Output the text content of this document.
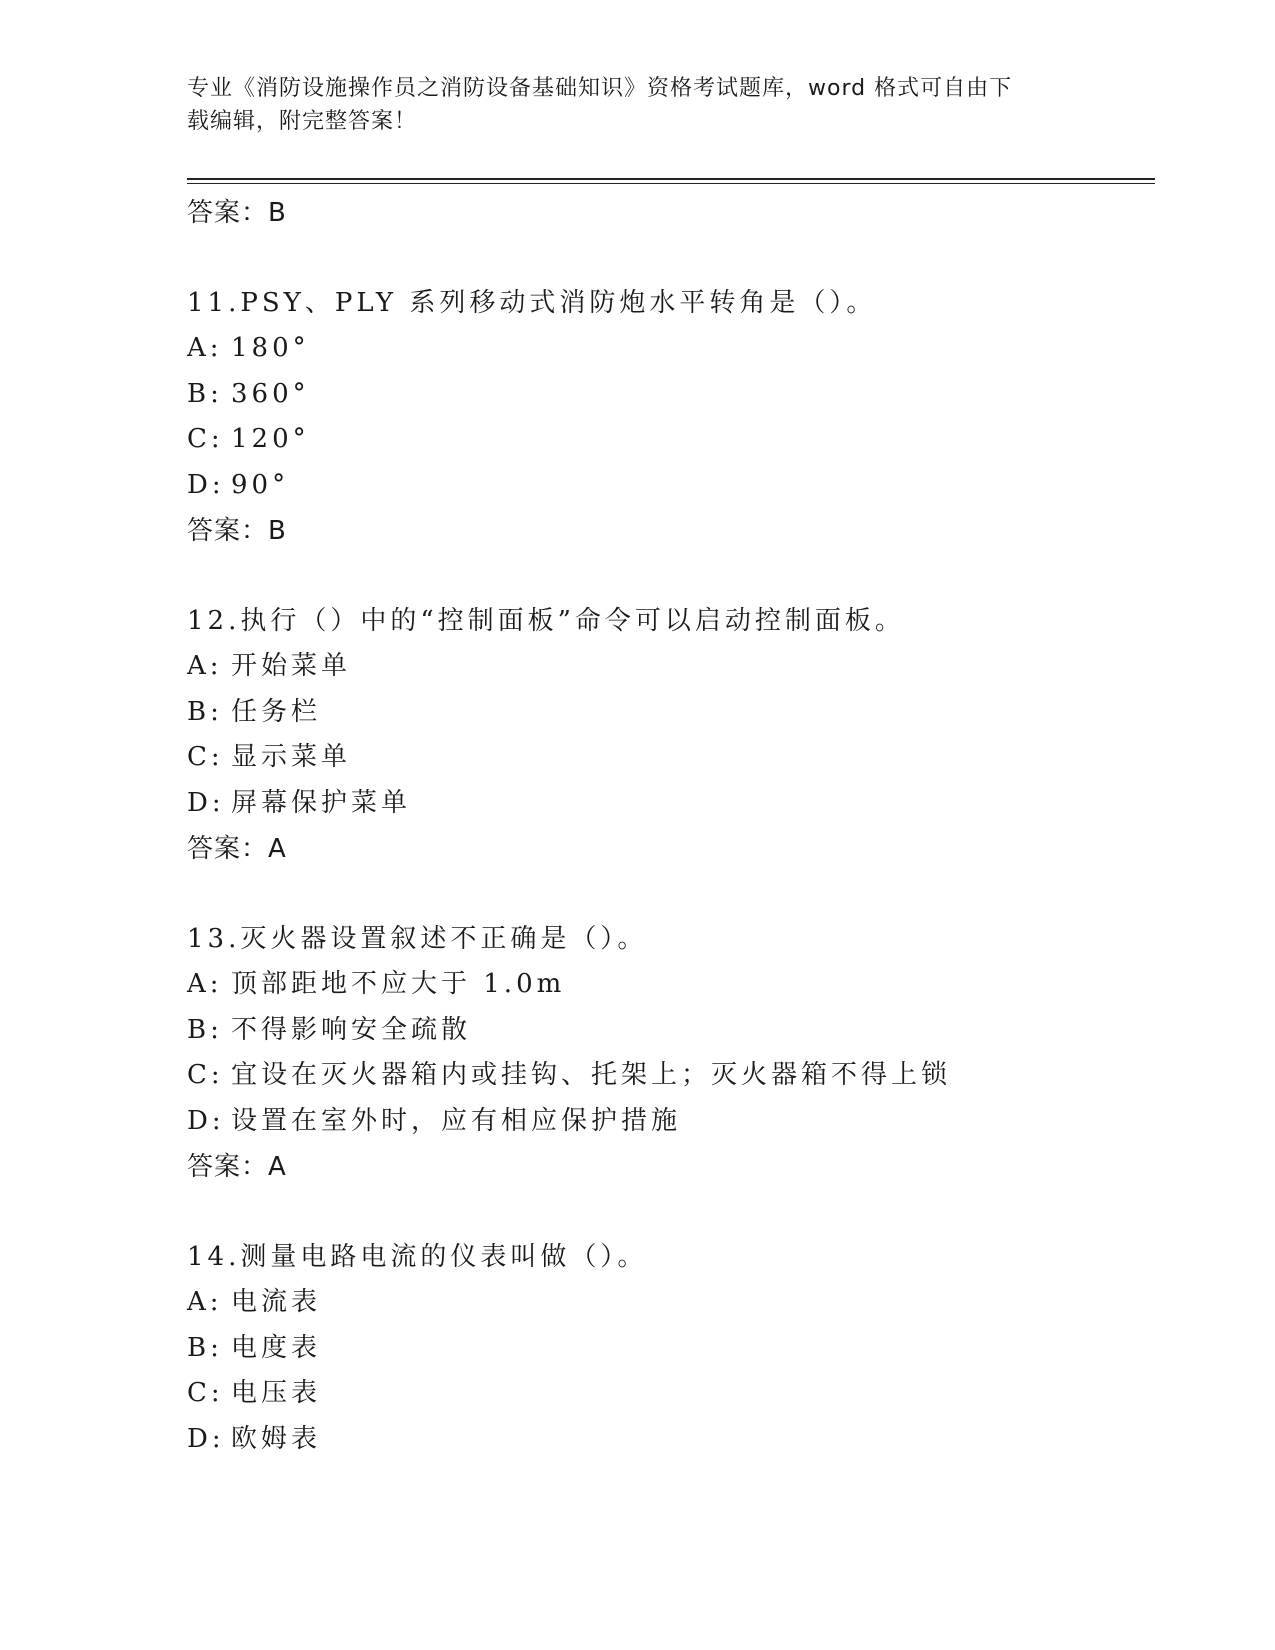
专业《消防设施操作员之消防设备基础知识》资格考试题库，word 格式可自由下
载编辑，附完整答案！
答案：B
11.PSY、PLY 系列移动式消防炮水平转角是（）。
A: 180°
B: 360°
C: 120°
D: 90°
答案：B
12.执行（）中的“控制面板”命令可以启动控制面板。
A: 开始菜单
B: 任务栏
C: 显示菜单
D: 屏幕保护菜单
答案：A
13.灭火器设置叙述不正确是（）。
A: 顶部距地不应大于 1.0m
B: 不得影响安全疏散
C: 宜设在灭火器箱内或挂钩、托架上；灭火器箱不得上锁
D: 设置在室外时，应有相应保护措施
答案：A
14.测量电路电流的仪表叫做（）。
A: 电流表
B: 电度表
C: 电压表
D: 欧姆表
